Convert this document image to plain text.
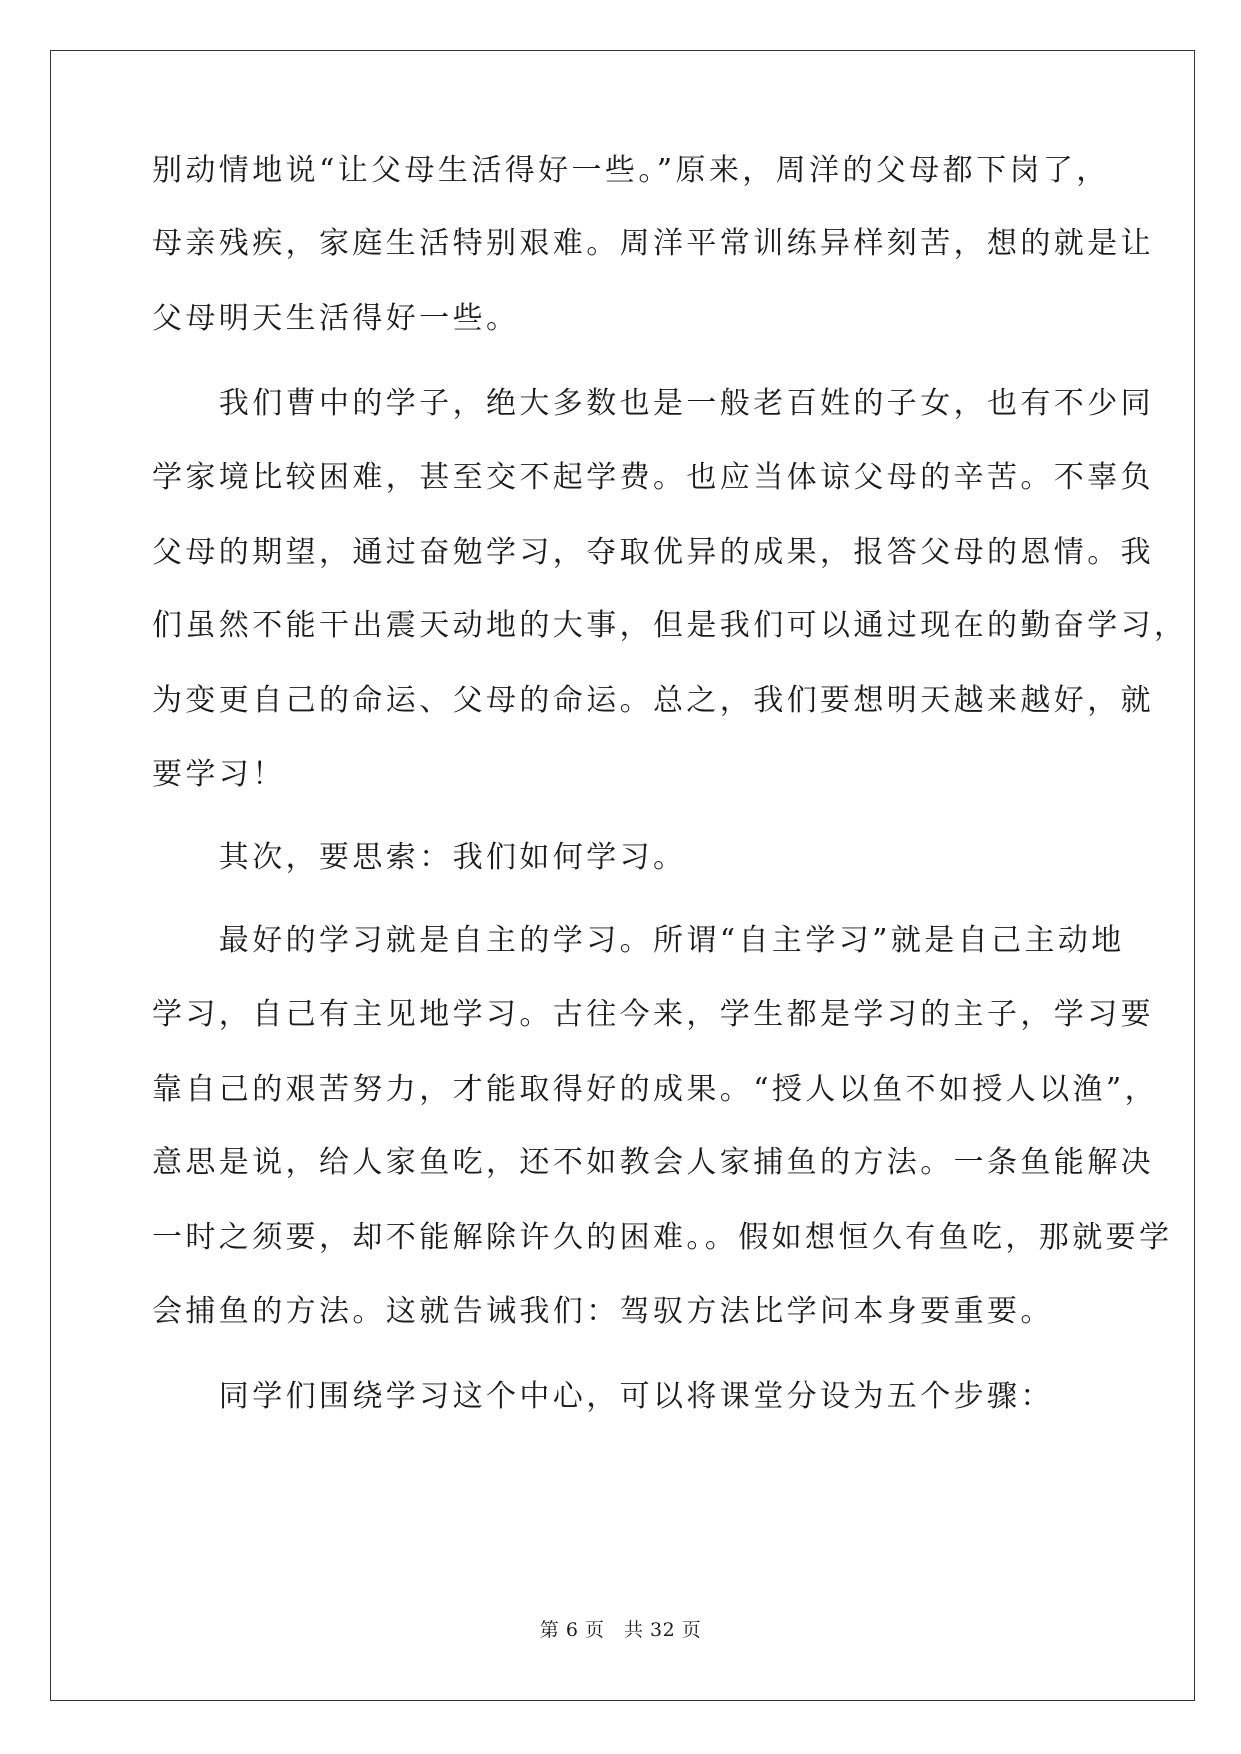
别动情地说“让父母生活得好一些。”原来，周洋的父母都下岗了，
母亲残疾，家庭生活特别艰难。周洋平常训练异样刻苦，想的就是让
父母明天生活得好一些。
　　我们曹中的学子，绝大多数也是一般老百姓的子女，也有不少同
学家境比较困难，甚至交不起学费。也应当体谅父母的辛苦。不辜负
父母的期望，通过奋勉学习，夺取优异的成果，报答父母的恩情。我
们虽然不能干出震天动地的大事，但是我们可以通过现在的勤奋学习，
为变更自己的命运、父母的命运。总之，我们要想明天越来越好，就
要学习！
　　其次，要思索：我们如何学习。
　　最好的学习就是自主的学习。所谓“自主学习”就是自己主动地
学习，自己有主见地学习。古往今来，学生都是学习的主子，学习要
靠自己的艰苦努力，才能取得好的成果。“授人以鱼不如授人以渔”，
意思是说，给人家鱼吃，还不如教会人家捕鱼的方法。一条鱼能解决
一时之须要，却不能解除许久的困难。。假如想恒久有鱼吃，那就要学
会捕鱼的方法。这就告诫我们：驾驭方法比学问本身要重要。
　　同学们围绕学习这个中心，可以将课堂分设为五个步骤：
第 6 页　共 32 页
